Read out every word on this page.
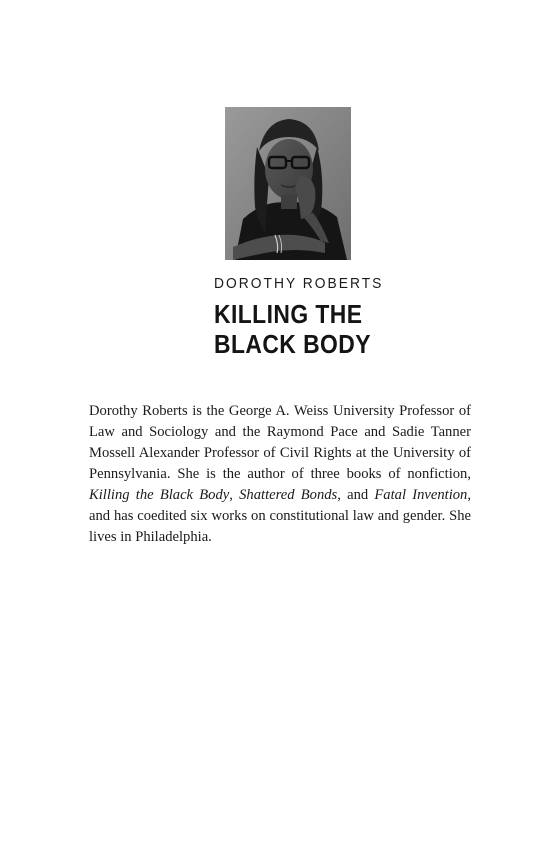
DOROTHY ROBERTS
KILLING THE
BLACK BODY

Dorothy Roberts is the George A. Weiss University Professor of Law and Sociology and the Raymond Pace and Sadie Tanner Mossell Alexander Professor of Civil Rights at the University of Pennsylvania. She is the author of three books of nonfiction, Killing the Black Body, Shattered Bonds, and Fatal Invention, and has coedited six works on constitutional law and gender. She lives in Philadelphia.
